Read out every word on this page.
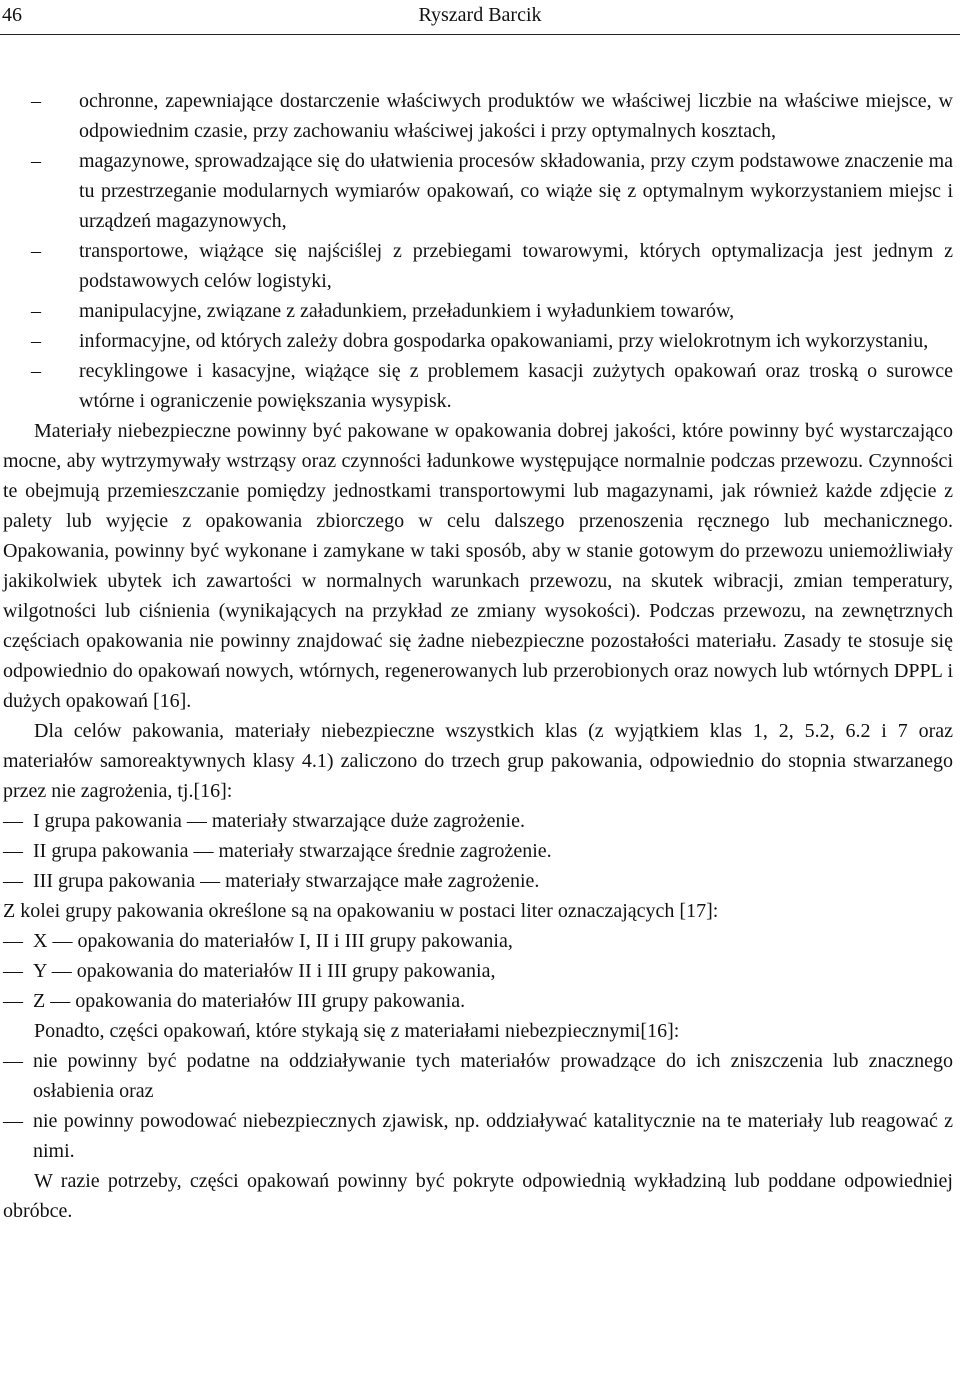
46	Ryszard Barcik
–	ochronne, zapewniające dostarczenie właściwych produktów we właściwej liczbie na właściwe miejsce, w odpowiednim czasie, przy zachowaniu właściwej jakości i przy optymalnych kosztach,
–	magazynowe, sprowadzające się do ułatwienia procesów składowania, przy czym podstawowe znaczenie ma tu przestrzeganie modularnych wymiarów opakowań, co wiąże się z optymalnym wykorzystaniem miejsc i urządzeń magazynowych,
–	transportowe, wiążące się najściślej z przebiegami towarowymi, których optymalizacja jest jednym z podstawowych celów logistyki,
–	manipulacyjne, związane z załadunkiem, przeładunkiem i wyładunkiem towarów,
–	informacyjne, od których zależy dobra gospodarka opakowaniami, przy wielokrotnym ich wykorzystaniu,
–	recyklingowe i kasacyjne, wiążące się z problemem kasacji zużytych opakowań oraz troską o surowce wtórne i ograniczenie powiększania wysypisk.

Materiały niebezpieczne powinny być pakowane w opakowania dobrej jakości, które powinny być wystarczająco mocne, aby wytrzymywały wstrząsy oraz czynności ładunkowe występujące normalnie podczas przewozu. Czynności te obejmują przemieszczanie pomiędzy jednostkami transportowymi lub magazynami, jak również każde zdjęcie z palety lub wyjęcie z opakowania zbiorczego w celu dalszego przenoszenia ręcznego lub mechanicznego. Opakowania, powinny być wykonane i zamykane w taki sposób, aby w stanie gotowym do przewozu uniemożliwiały jakikolwiek ubytek ich zawartości w normalnych warunkach przewozu, na skutek wibracji, zmian temperatury, wilgotności lub ciśnienia (wynikających na przykład ze zmiany wysokości). Podczas przewozu, na zewnętrznych częściach opakowania nie powinny znajdować się żadne niebezpieczne pozostałości materiału. Zasady te stosuje się odpowiednio do opakowań nowych, wtórnych, regenerowanych lub przerobionych oraz nowych lub wtórnych DPPL i dużych opakowań [16].

Dla celów pakowania, materiały niebezpieczne wszystkich klas (z wyjątkiem klas 1, 2, 5.2, 6.2 i 7 oraz materiałów samoreaktywnych klasy 4.1) zaliczono do trzech grup pakowania, odpowiednio do stopnia stwarzanego przez nie zagrożenia, tj.[16]:

— I grupa pakowania — materiały stwarzające duże zagrożenie.
— II grupa pakowania — materiały stwarzające średnie zagrożenie.
— III grupa pakowania — materiały stwarzające małe zagrożenie.

Z kolei grupy pakowania określone są na opakowaniu w postaci liter oznaczających [17]:

— X — opakowania do materiałów I, II i III grupy pakowania,
— Y — opakowania do materiałów II i III grupy pakowania,
— Z — opakowania do materiałów III grupy pakowania.

Ponadto, części opakowań, które stykają się z materiałami niebezpiecznymi[16]:

— nie powinny być podatne na oddziaływanie tych materiałów prowadzące do ich zniszczenia lub znacznego osłabienia oraz
— nie powinny powodować niebezpiecznych zjawisk, np. oddziaływać katalitycznie na te materiały lub reagować z nimi.

W razie potrzeby, części opakowań powinny być pokryte odpowiednią wykładziną lub poddane odpowiedniej obróbce.
